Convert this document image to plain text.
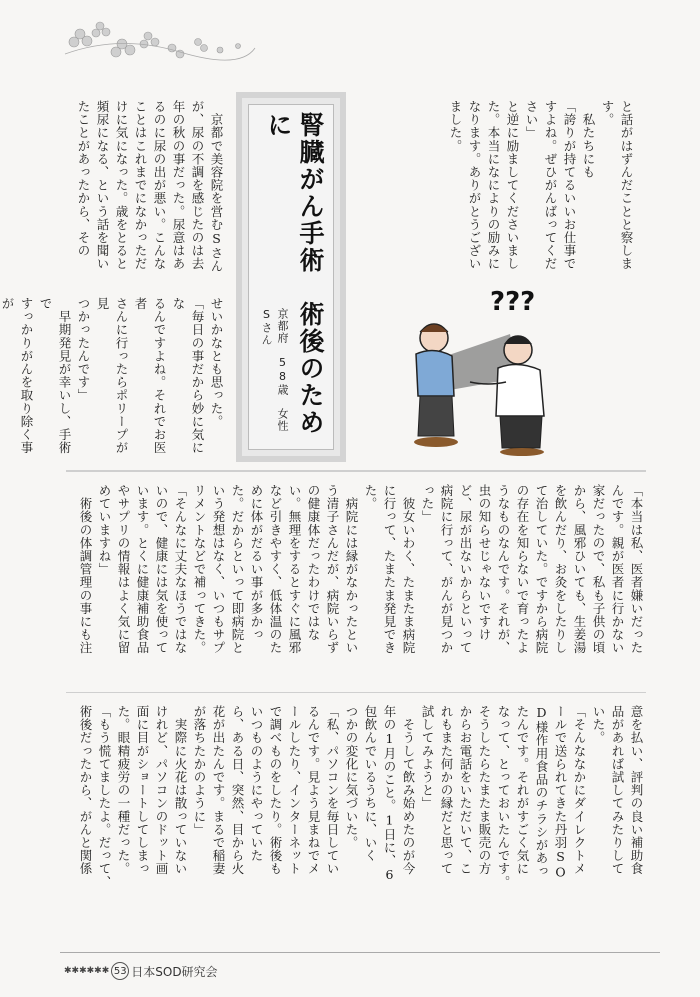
と話がはずんだことと察しま

す。

　私たちにも

「誇りが持てるいいお仕事で

すよね。ぜひがんばってくだ

さい」

と逆に励ましてくださいまし

た。本当になによりの励みに

なります。ありがとうござい

ました。

腎臓がん手術　術後のために
京都府　58歳　女性　Sさん

　京都で美容院を営むSさん

が、尿の不調を感じたのは去

年の秋の事だった。尿意はあ

るのに尿の出が悪い。こんな

ことはこれまでになかっただ

けに気になった。歳をとると

頻尿になる、という話を聞い

たことがあったから、その

せいかなとも思った。

「毎日の事だから妙に気にな

るんですよね。それでお医者

さんに行ったらポリープが見

つかったんです」

　早期発見が幸いし、手術で

すっかりがんを取り除く事が	???

「本当は私、医者嫌いだった

んです。親が医者に行かない

家だったので、私も子供の頃

から、風邪ひいても、生姜湯

を飲んだり、お灸をしたりし

て治していた。ですから病院

の存在を知らないで育ったよ

うなものなんです。それが、

虫の知らせじゃないですけ

ど、尿が出ないからといって

病院に行って、がんが見つか

った」

　彼女いわく、たまたま病院

に行って、たまたま発見でき

た。

　病院には縁がなかったとい

う清子さんだが、病院いらず

の健康体だったわけではな

い。無理をするとすぐに風邪

など引きやすく、低体温のた

めに体がだるい事が多かっ

た。だからといって即病院と

いう発想はなく、いつもサプ

リメントなどで補ってきた。

「そんなに丈夫なほうではな

いので、健康には気を使って

います。とくに健康補助食品

やサプリの情報はよく気に留

めていますね」

　術後の体調管理の事にも注

意を払い、評判の良い補助食

品があれば試してみたりして

いた。

「そんななかにダイレクトメ

ールで送られてきた丹羽SO

D様作用食品のチラシがあっ

たんです。それがすごく気に

なって、とっておいたんです。

そうしたらたまたま販売の方

からお電話をいただいて、こ

れもまた何かの縁だと思って

試してみようと」

　そうして飲み始めたのが今

年の1月のこと。1日に、6

包飲んでいるうちに、いく

つかの変化に気づいた。

「私、パソコンを毎日してい

るんです。見よう見まねでメ

ールしたり、インターネット

で調べものをしたり。術後も

いつものようにやっていた

ら、ある日、突然、目から火

花が出たんです。まるで稲妻

が落ちたかのように」

　実際に火花は散っていない

けれど、パソコンのドット画

面に目がショートしてしまっ

た。眼精疲労の一種だった。

「もう慌てましたよ。だって、

術後だったから、がんと関係

✱✱✱✱✱✱ 53 日本SOD研究会
